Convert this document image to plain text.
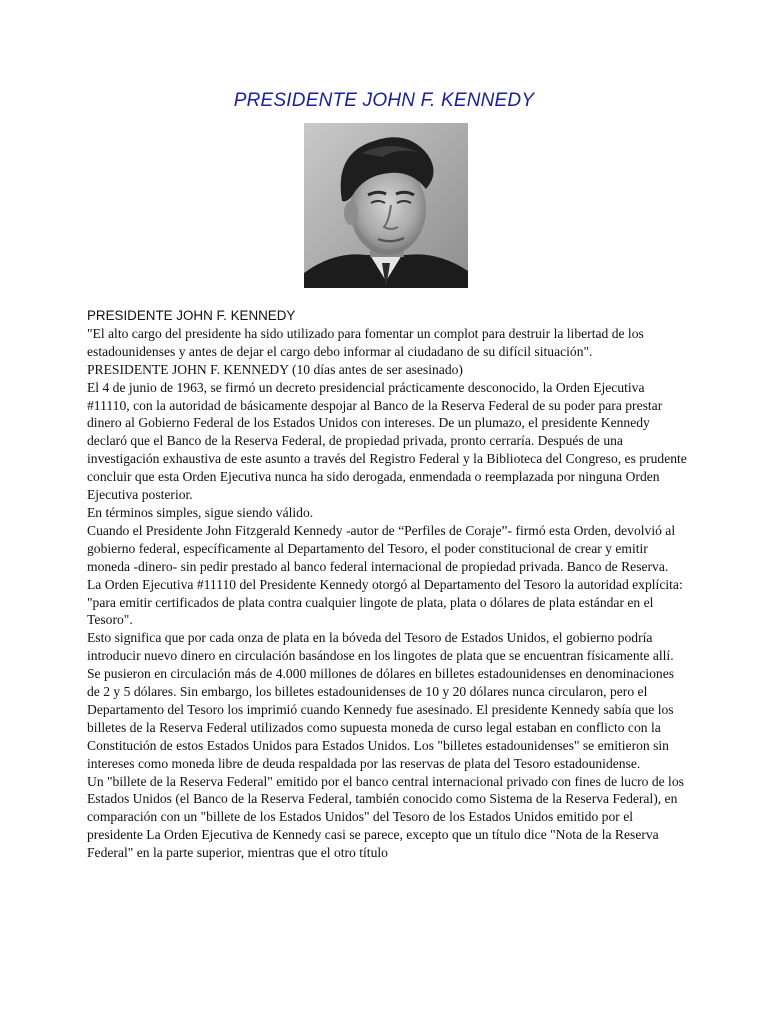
PRESIDENTE JOHN F. KENNEDY

PRESIDENTE JOHN F. KENNEDY

"El alto cargo del presidente ha sido utilizado para fomentar un complot para destruir la libertad de los estadounidenses y antes de dejar el cargo debo informar al ciudadano de su difícil situación".

PRESIDENTE JOHN F. KENNEDY (10 días antes de ser asesinado)

El 4 de junio de 1963, se firmó un decreto presidencial prácticamente desconocido, la Orden Ejecutiva #11110, con la autoridad de básicamente despojar al Banco de la Reserva Federal de su poder para prestar dinero al Gobierno Federal de los Estados Unidos con intereses. De un plumazo, el presidente Kennedy declaró que el Banco de la Reserva Federal, de propiedad privada, pronto cerraría. Después de una investigación exhaustiva de este asunto a través del Registro Federal y la Biblioteca del Congreso, es prudente concluir que esta Orden Ejecutiva nunca ha sido derogada, enmendada o reemplazada por ninguna Orden Ejecutiva posterior.

En términos simples, sigue siendo válido.

Cuando el Presidente John Fitzgerald Kennedy -autor de “Perfiles de Coraje”- firmó esta Orden, devolvió al gobierno federal, específicamente al Departamento del Tesoro, el poder constitucional de crear y emitir moneda -dinero- sin pedir prestado al banco federal internacional de propiedad privada. Banco de Reserva.

La Orden Ejecutiva #11110 del Presidente Kennedy otorgó al Departamento del Tesoro la autoridad explícita: "para emitir certificados de plata contra cualquier lingote de plata, plata o dólares de plata estándar en el Tesoro".

Esto significa que por cada onza de plata en la bóveda del Tesoro de Estados Unidos, el gobierno podría introducir nuevo dinero en circulación basándose en los lingotes de plata que se encuentran físicamente allí. Se pusieron en circulación más de 4.000 millones de dólares en billetes estadounidenses en denominaciones de 2 y 5 dólares. Sin embargo, los billetes estadounidenses de 10 y 20 dólares nunca circularon, pero el Departamento del Tesoro los imprimió cuando Kennedy fue asesinado. El presidente Kennedy sabía que los billetes de la Reserva Federal utilizados como supuesta moneda de curso legal estaban en conflicto con la Constitución de estos Estados Unidos para Estados Unidos. Los "billetes estadounidenses" se emitieron sin intereses como moneda libre de deuda respaldada por las reservas de plata del Tesoro estadounidense.

Un "billete de la Reserva Federal" emitido por el banco central internacional privado con fines de lucro de los Estados Unidos (el Banco de la Reserva Federal, también conocido como Sistema de la Reserva Federal), en comparación con un "billete de los Estados Unidos" del Tesoro de los Estados Unidos emitido por el presidente La Orden Ejecutiva de Kennedy casi se parece, excepto que un título dice "Nota de la Reserva Federal" en la parte superior, mientras que el otro título
